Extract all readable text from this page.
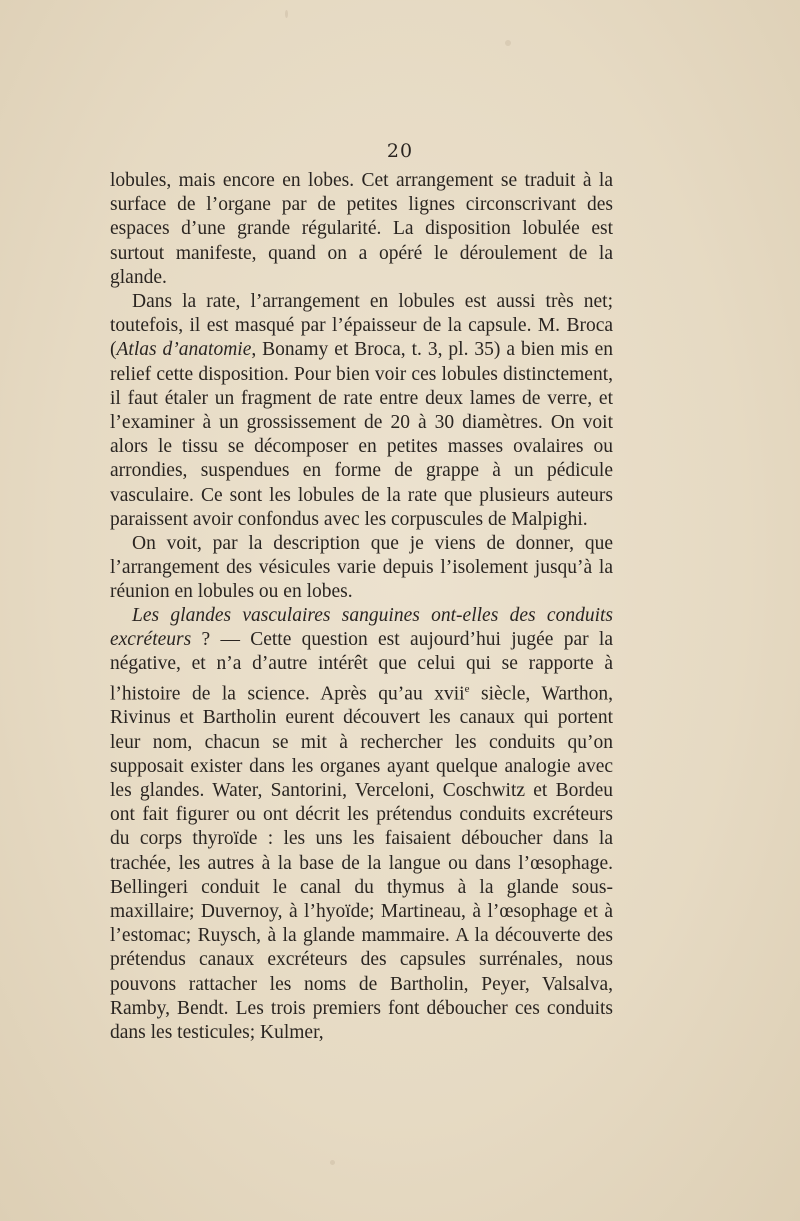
20

lobules, mais encore en lobes. Cet arrangement se traduit à la surface de l’organe par de petites lignes circonscrivant des espaces d’une grande régularité. La disposition lobulée est surtout manifeste, quand on a opéré le déroulement de la glande.

Dans la rate, l’arrangement en lobules est aussi très net; toutefois, il est masqué par l’épaisseur de la capsule. M. Broca (Atlas d’anatomie, Bonamy et Broca, t. 3, pl. 35) a bien mis en relief cette disposition. Pour bien voir ces lobules distinctement, il faut étaler un fragment de rate entre deux lames de verre, et l’examiner à un grossissement de 20 à 30 diamètres. On voit alors le tissu se décomposer en petites masses ovalaires ou arrondies, suspendues en forme de grappe à un pédicule vasculaire. Ce sont les lobules de la rate que plusieurs auteurs paraissent avoir confondus avec les corpuscules de Malpighi.

On voit, par la description que je viens de donner, que l’arrangement des vésicules varie depuis l’isolement jusqu’à la réunion en lobules ou en lobes.

Les glandes vasculaires sanguines ont-elles des conduits excréteurs ? — Cette question est aujourd’hui jugée par la négative, et n’a d’autre intérêt que celui qui se rapporte à l’histoire de la science. Après qu’au xvii$^e$ siècle, Warthon, Rivinus et Bartholin eurent découvert les canaux qui portent leur nom, chacun se mit à rechercher les conduits qu’on supposait exister dans les organes ayant quelque analogie avec les glandes. Water, Santorini, Verceloni, Coschwitz et Bordeu ont fait figurer ou ont décrit les prétendus conduits excréteurs du corps thyroïde : les uns les faisaient déboucher dans la trachée, les autres à la base de la langue ou dans l’œsophage. Bellingeri conduit le canal du thymus à la glande sous-maxillaire; Duvernoy, à l’hyoïde; Martineau, à l’œsophage et à l’estomac; Ruysch, à la glande mammaire. A la découverte des prétendus canaux excréteurs des capsules surrénales, nous pouvons rattacher les noms de Bartholin, Peyer, Valsalva, Ramby, Bendt. Les trois premiers font déboucher ces conduits dans les testicules; Kulmer,
